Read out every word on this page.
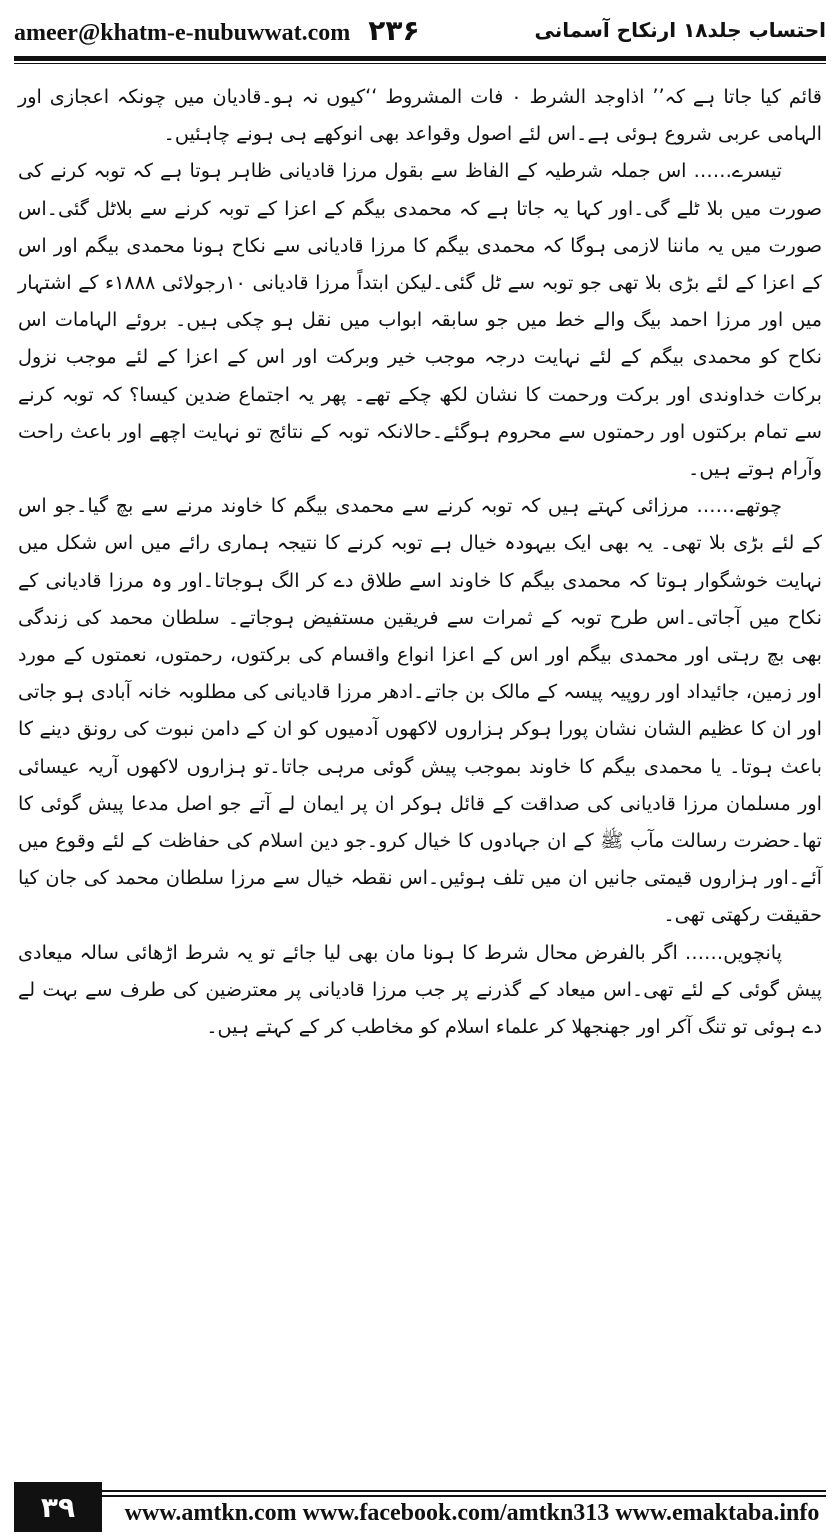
ameer@khatm-e-nubuwwat.com ۲۳۶	احتساب جلد۱۸ ارنکاح آسمانی

قائم کیا جاتا ہے کہ’’ اذاوجد الشرط ۰ فات المشروط ‘‘کیوں نہ ہو۔قادیان میں چونکہ اعجازی اور الہامی عربی شروع ہوئی ہے۔اس لئے اصول وقواعد بھی انوکھے ہی ہونے چاہئیں۔

تیسرے…… اس جملہ شرطیہ کے الفاظ سے بقول مرزا قادیانی ظاہر ہوتا ہے کہ توبہ کرنے کی صورت میں بلا ٹلے گی۔اور کہا یہ جاتا ہے کہ محمدی بیگم کے اعزا کے توبہ کرنے سے بلاٹل گئی۔اس صورت میں یہ ماننا لازمی ہوگا کہ محمدی بیگم کا مرزا قادیانی سے نکاح ہونا محمدی بیگم اور اس کے اعزا کے لئے بڑی بلا تھی جو توبہ سے ٹل گئی۔لیکن ابتداً مرزا قادیانی ۱۰رجولائی ۱۸۸۸ء کے اشتہار میں اور مرزا احمد بیگ والے خط میں جو سابقہ ابواب میں نقل ہو چکی ہیں۔ بروئے الہامات اس نکاح کو محمدی بیگم کے لئے نہایت درجہ موجب خیر وبرکت اور اس کے اعزا کے لئے موجب نزول برکات خداوندی اور برکت ورحمت کا نشان لکھ چکے تھے۔ پھر یہ اجتماع ضدین کیسا؟ کہ توبہ کرنے سے تمام برکتوں اور رحمتوں سے محروم ہوگئے۔حالانکہ توبہ کے نتائج تو نہایت اچھے اور باعث راحت وآرام ہوتے ہیں۔

چوتھے…… مرزائی کہتے ہیں کہ توبہ کرنے سے محمدی بیگم کا خاوند مرنے سے بچ گیا۔جو اس کے لئے بڑی بلا تھی۔ یہ بھی ایک بیہودہ خیال ہے توبہ کرنے کا نتیجہ ہماری رائے میں اس شکل میں نہایت خوشگوار ہوتا کہ محمدی بیگم کا خاوند اسے طلاق دے کر الگ ہوجاتا۔اور وہ مرزا قادیانی کے نکاح میں آجاتی۔اس طرح توبہ کے ثمرات سے فریقین مستفیض ہوجاتے۔ سلطان محمد کی زندگی بھی بچ رہتی اور محمدی بیگم اور اس کے اعزا انواع واقسام کی برکتوں، رحمتوں، نعمتوں کے مورد اور زمین، جائیداد اور روپیہ پیسہ کے مالک بن جاتے۔ادھر مرزا قادیانی کی مطلوبہ خانہ آبادی ہو جاتی اور ان کا عظیم الشان نشان پورا ہوکر ہزاروں لاکھوں آدمیوں کو ان کے دامن نبوت کی رونق دینے کا باعث ہوتا۔ یا محمدی بیگم کا خاوند بموجب پیش گوئی مرہی جاتا۔تو ہزاروں لاکھوں آریہ عیسائی اور مسلمان مرزا قادیانی کی صداقت کے قائل ہوکر ان پر ایمان لے آتے جو اصل مدعا پیش گوئی کا تھا۔حضرت رسالت مآب ﷺ کے ان جہادوں کا خیال کرو۔جو دین اسلام کی حفاظت کے لئے وقوع میں آئے۔اور ہزاروں قیمتی جانیں ان میں تلف ہوئیں۔اس نقطہ خیال سے مرزا سلطان محمد کی جان کیا حقیقت رکھتی تھی۔

پانچویں…… اگر بالفرض محال شرط کا ہونا مان بھی لیا جائے تو یہ شرط اڑھائی سالہ میعادی پیش گوئی کے لئے تھی۔اس میعاد کے گذرنے پر جب مرزا قادیانی پر معترضین کی طرف سے بہت لے دے ہوئی تو تنگ آکر اور جھنجھلا کر علماء اسلام کو مخاطب کر کے کہتے ہیں۔

۳۹	www.amtkn.com www.facebook.com/amtkn313 www.emaktaba.info
